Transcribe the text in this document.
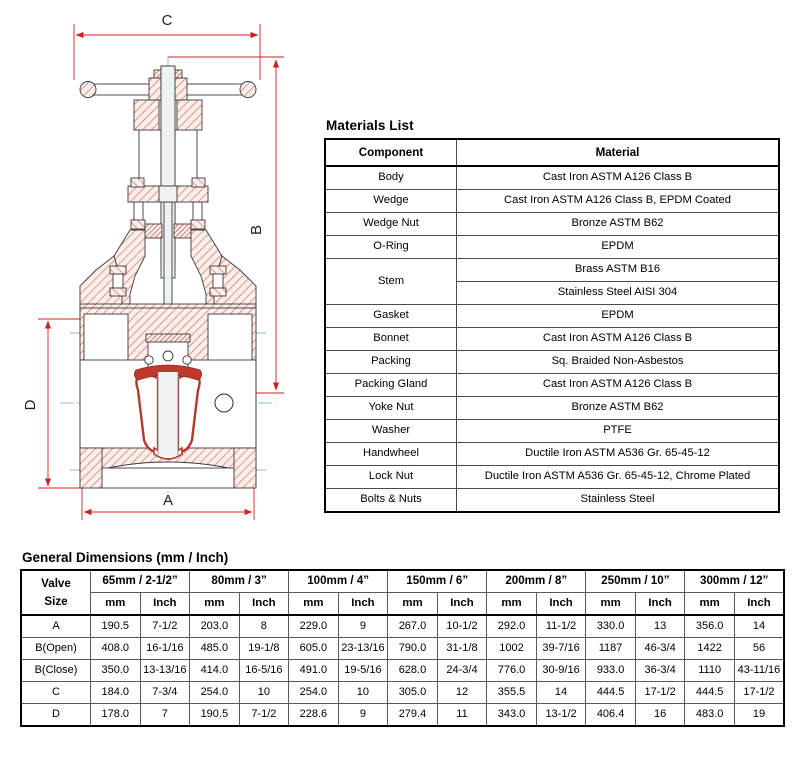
C
B
D
A
Materials List
Component	Material
Body	Cast Iron ASTM A126 Class B
Wedge	Cast Iron ASTM A126 Class B, EPDM Coated
Wedge Nut	Bronze ASTM B62
O-Ring	EPDM
Stem	Brass ASTM B16
	Stainless Steel AISI 304
Gasket	EPDM
Bonnet	Cast Iron ASTM A126 Class B
Packing	Sq. Braided Non-Asbestos
Packing Gland	Cast Iron ASTM A126 Class B
Yoke Nut	Bronze ASTM B62
Washer	PTFE
Handwheel	Ductile Iron ASTM A536 Gr. 65-45-12
Lock Nut	Ductile Iron ASTM A536 Gr. 65-45-12, Chrome Plated
Bolts & Nuts	Stainless Steel
General Dimensions (mm / Inch)
Valve
Size	65mm / 2-1/2”		80mm / 3”		100mm / 4”		150mm / 6”		200mm / 8”		250mm / 10”		300mm / 12”	
	mm	Inch	mm	Inch	mm	Inch	mm	Inch	mm	Inch	mm	Inch	mm	Inch
A	190.5	7-1/2	203.0	8	229.0	9	267.0	10-1/2	292.0	11-1/2	330.0	13	356.0	14
B(Open)	408.0	16-1/16	485.0	19-1/8	605.0	23-13/16	790.0	31-1/8	1002	39-7/16	1187	46-3/4	1422	56
B(Close)	350.0	13-13/16	414.0	16-5/16	491.0	19-5/16	628.0	24-3/4	776.0	30-9/16	933.0	36-3/4	1110	43-11/16
C	184.0	7-3/4	254.0	10	254.0	10	305.0	12	355.5	14	444.5	17-1/2	444.5	17-1/2
D	178.0	7	190.5	7-1/2	228.6	9	279.4	11	343.0	13-1/2	406.4	16	483.0	19
